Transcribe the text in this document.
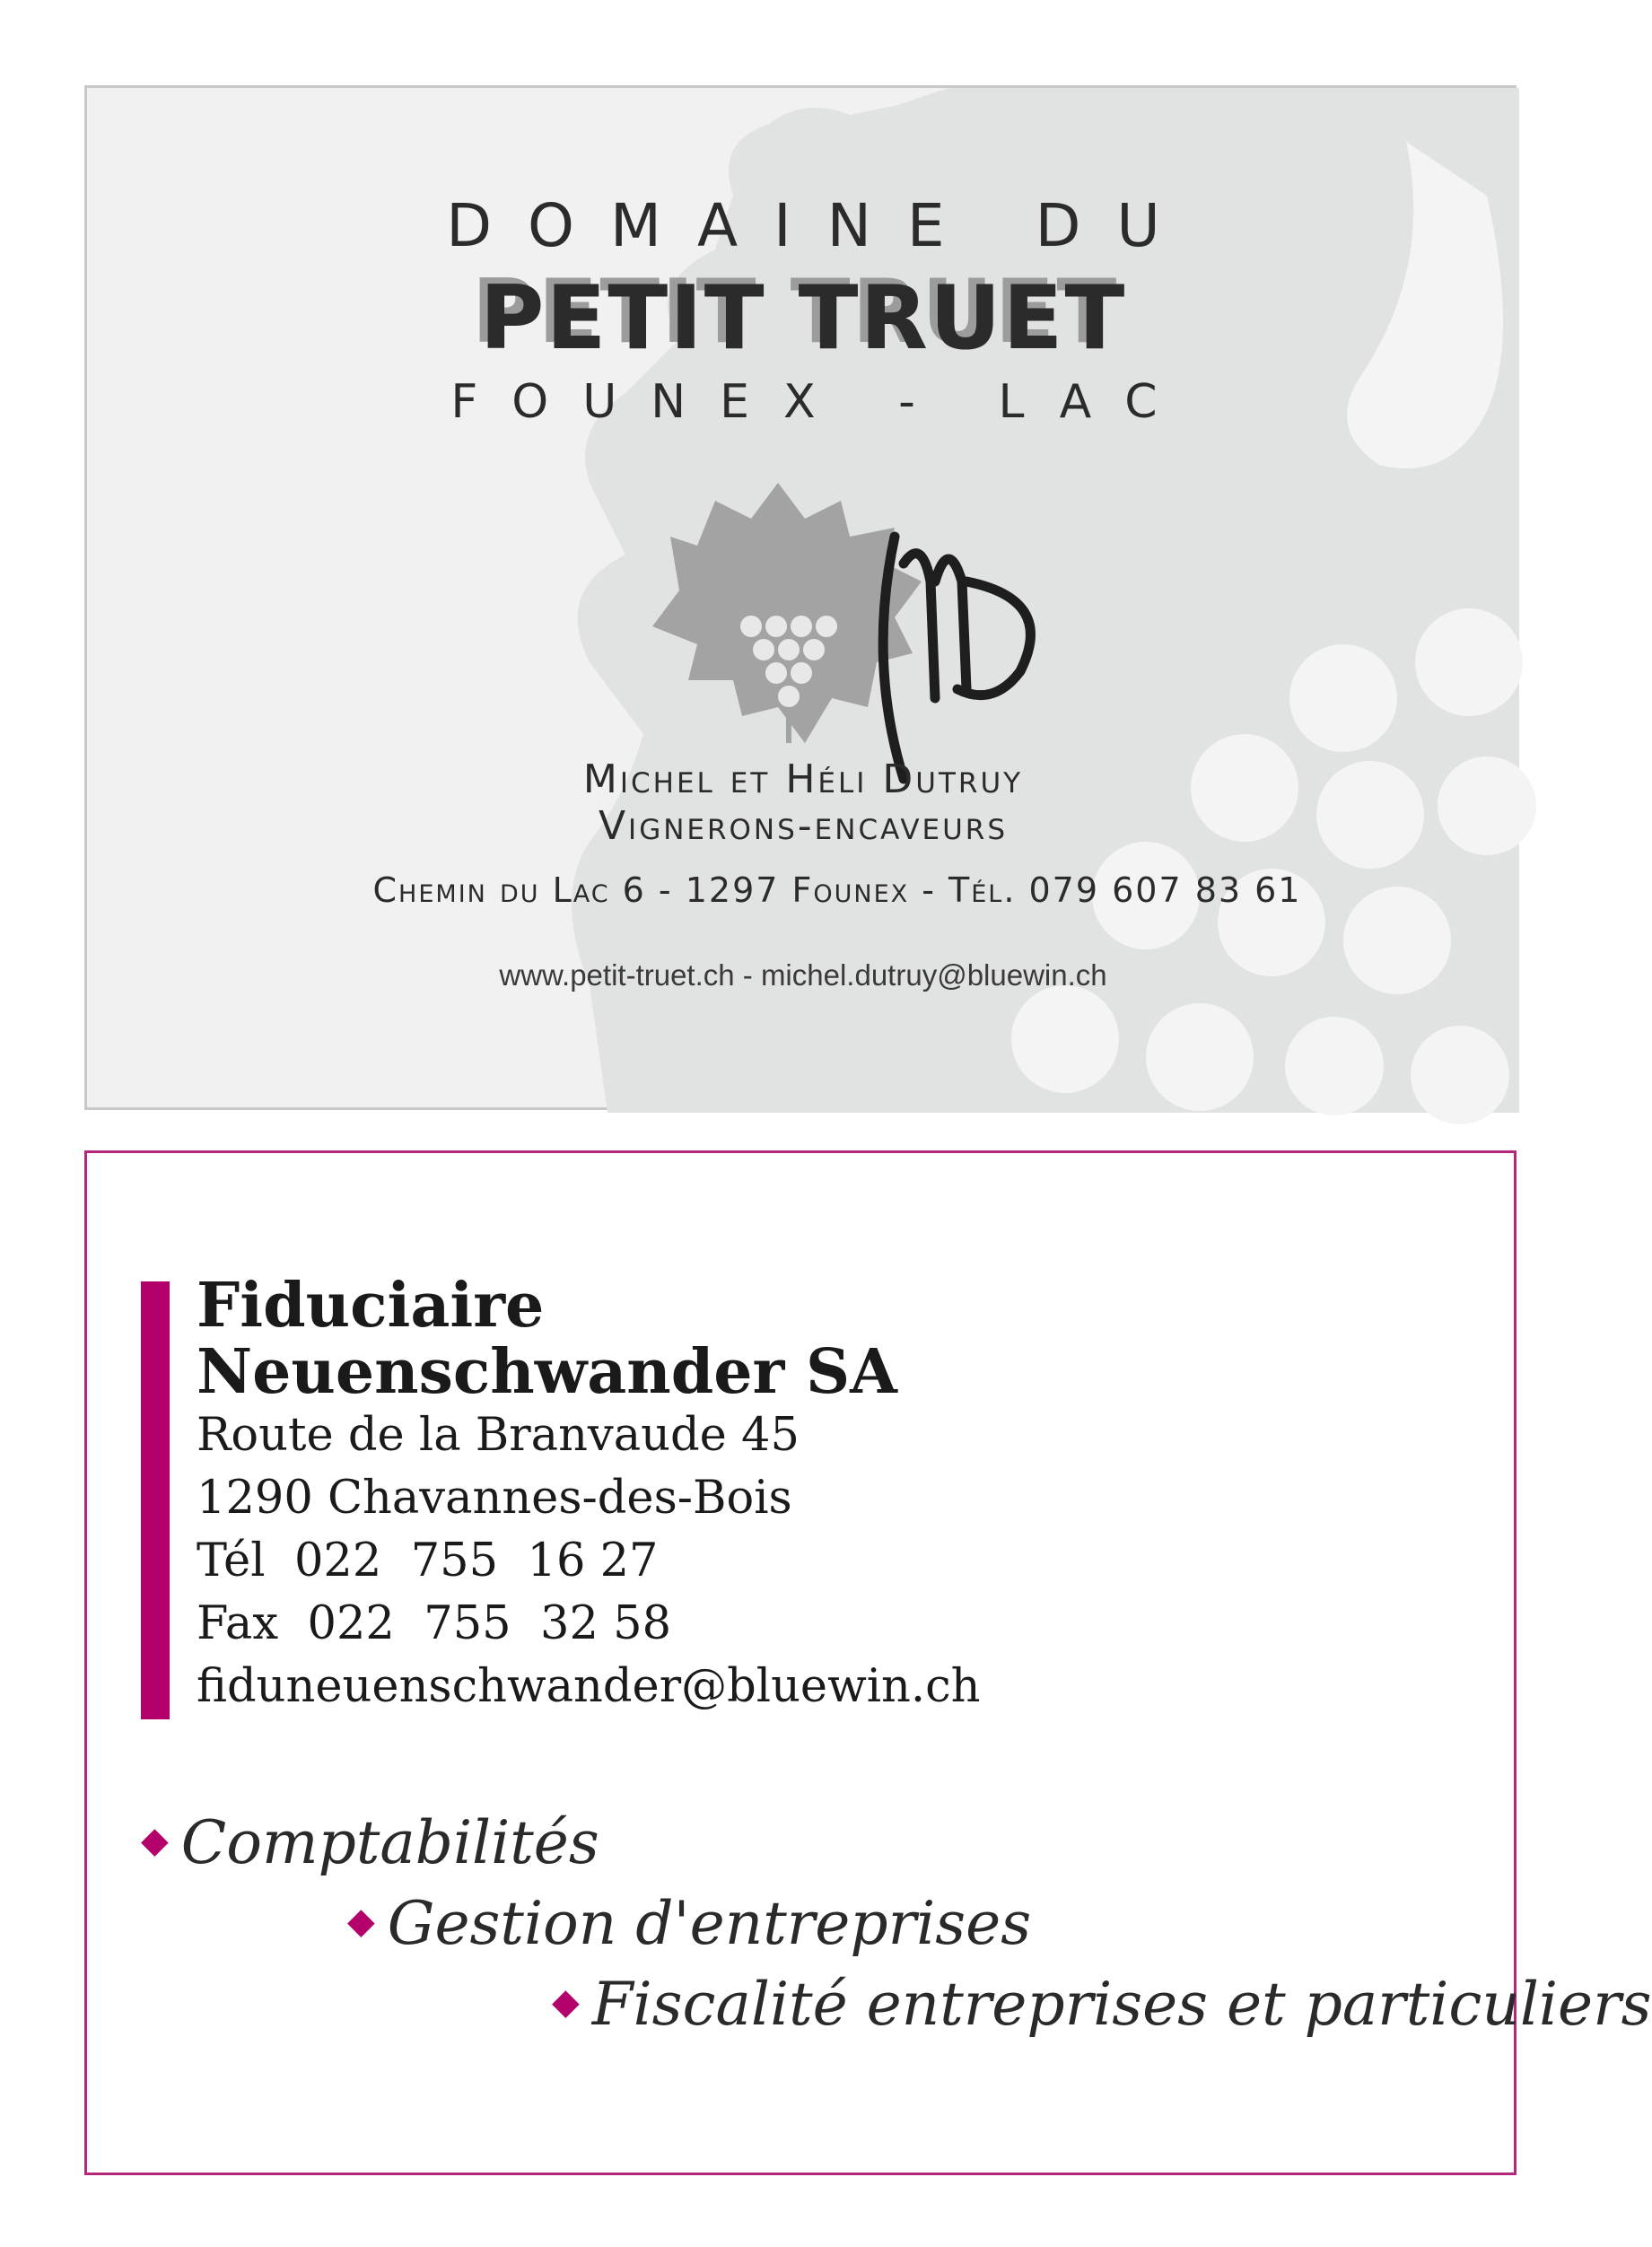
DOMAINE DU
PETIT TRUET
FOUNEX - LAC
Michel et Héli Dutruy
Vignerons-encaveurs
Chemin du Lac 6 - 1297 Founex - Tél. 079 607 83 61
www.petit-truet.ch - michel.dutruy@bluewin.ch
Fiduciaire
Neuenschwander SA
Route de la Branvaude 45
1290 Chavannes-des-Bois
Tél  022  755  16 27
Fax  022  755  32 58
fiduneuenschwander@bluewin.ch
◆ Comptabilités
◆ Gestion d'entreprises
◆ Fiscalité entreprises et particuliers
